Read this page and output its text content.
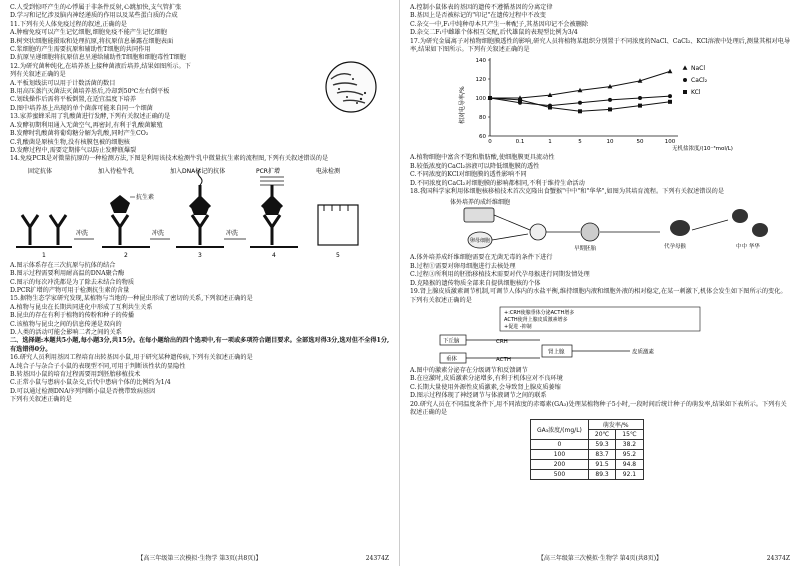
C.人受到惊吓产生的心悸属于非条件反射,心跳加快,支气管扩张

D.学习和记忆涉及脑内神经递质的作用以及某些蛋白质的合成

11.下列有关人体免疫过程的叙述,正确的是

A.肿瘤免疫可以产生记忆细胞,细胞免疫不能产生记忆细胞

B.树突状细胞能摄取和处理抗原,将抗原信息暴露在细胞表面

C.浆细胞的产生需要抗原和辅助性T细胞的共同作用

D.抗原呈递细胞将抗原信息呈递给辅助性T细胞和细胞毒性T细胞

12.为研究菌种纯化,在培养基上接种菌液后培养,结果如图所示。下

列有关叙述正确的是

A.平板划线法可以用于计数活菌的数目

B.用高压蒸汽灭菌法灭菌培养基后,冷却到50℃左右倒平板

C.划线操作后需将平板倒置,在适宜温度下培养

D.图中培养基上出现的单个菌落可能来自同一个细菌

13.家养蜜蜂采用了乳酸菌进行发酵,下列有关叙述正确的是

A.发酵初期利用通入无菌空气,再密封,有利于乳酸菌繁殖

B.发酵时乳酸菌将葡萄糖分解为乳酸,同时产生CO₂

C.乳酸菌是原核生物,没有核膜包被的细胞核

D.发酵过程中,需要定期排气以防止发酵瓶爆裂

14.免疫PCR是对微量抗原的一种检测方法,下图是利用该技术检测牛乳中微量抗生素的流程图,下列有关叙述错误的是

固定抗体	加入待检牛乳	加入DNA标记的抗体	PCR扩增	电泳检测
冲洗
抗生素
冲洗	冲洗
1	2	3	4	5

A.图示体系存在三次抗原与抗体的结合

B.图示过程需要利用耐高温的DNA聚合酶

C.图示的每次冲洗都是为了除去未结合的物质

D.PCR扩增的产物可用于检测抗生素的含量

15.据物生态学家研究发现,某植物与当地的一种昆虫形成了密切的关系,下列叙述正确的是

A.植物与昆虫在长期共同进化中形成了互利共生关系

B.昆虫的存在有利于植物的传粉和种子的传播

C.该植物与昆虫之间的信息传递是双向的

D.人类的活动可能会影响二者之间的关系

二、选择题:本题共5小题,每小题3分,共15分。在每小题给出的四个选项中,有一项或多项符合题目要求。全部选对得3分,选对但不全得1分,有选错得0分。

16.研究人员利用基因工程培育出转基因小鼠,用于研究某种遗传病,下列有关叙述正确的是

A.纯合子与杂合子小鼠的表现型不同,可用于判断该性状的显隐性

B.转基因小鼠的培育过程需要用到胚胎移植技术

C.正常小鼠与患病小鼠杂交,后代中患病个体的比例约为1/4

D.可以通过检测DNA序列判断小鼠是否携带致病基因

下列有关叙述正确的是

【高三年级第三次模拟·生物学 第3页(共8页)】	24374Z

A.控制小鼠体表的基因的遗传不遵循基因的分离定律

B.基因上是否被标记的"印记"在遗传过程中不改变

C.杂交一中,F₁中纯种母本只产生一种配子,其基因印记不会被删除

D.杂交二F₁中雌雄个体相互交配,后代雄鼠的表现型比例为3/4

17.为研究金属离子对植物细胞膜透性的影响,研究人员将植物某组织分别置于不同浓度的NaCl、CaCl₂、KCl溶液中处理后,测量其相对电导率,结果如下图所示。下列有关叙述正确的是

相对电导率/%
无机盐浓度/(10⁻³mol/L)
60
80
100
120
140
0	0.1	1	5	10	50	100
NaCl
CaCl₂
KCl

A.植物细胞中富含不饱和脂肪酸,使细胞膜更具流动性

B.较低浓度的CaCl₂溶液可以降低细胞膜的透性

C.不同浓度的KCl对细胞膜的透性影响不同

D.不同浓度的CaCl₂对细胞膜的影响都相同,不利于维持生命活动

18.我国科学家利用体细胞核移植技术首次克隆出食蟹猴"中中"和"华华",如图为其培育流程。下列有关叙述错误的是

体外培养的成纤维细胞
卵母细胞
早期胚胎	代孕母猴	中中 华华

A.体外培养成纤维细胞需要在无菌无毒的条件下进行

B.过程①需要对卵母细胞进行去核处理

C.过程③所利用的胚胎移植技术需要对代孕母猴进行同期发情处理

D.克隆猴的遗传物质全部来自提供细胞核的个体

19.肾上腺皮质激素调节机制,可调节人体内的水盐平衡,维持细胞内液和细胞外液的相对稳定,在某一刺激下,机体会发生如下图所示的变化。下列有关叙述正确的是

+:CRH使腺垂体分泌ACTH增多
ACTH使肾上腺皮质激素增多
+促进 -抑制
下丘脑
垂体
CRH
ACTH
肾上腺	皮质激素

A.图中的激素分泌存在分级调节和反馈调节

B.在应激时,皮质激素分泌增多,有利于机体应对不良环境

C.长期大量使用外源性皮质激素,会导致肾上腺皮质萎缩

D.图示过程体现了神经调节与体液调节之间的联系

20.研究人员在不同温度条件下,用不同浓度的赤霉素(GA₃)处理某植物种子5小时,一段时间后统计种子的萌发率,结果如下表所示。下列有关叙述正确的是

GA₃浓度/(mg/L)	萌发率/%	
	20℃	15℃
0	59.3	38.2
100	83.7	95.2
200	91.5	94.8
500	89.3	92.1
【高三年级第三次模拟·生物学 第4页(共8页)】	24374Z
